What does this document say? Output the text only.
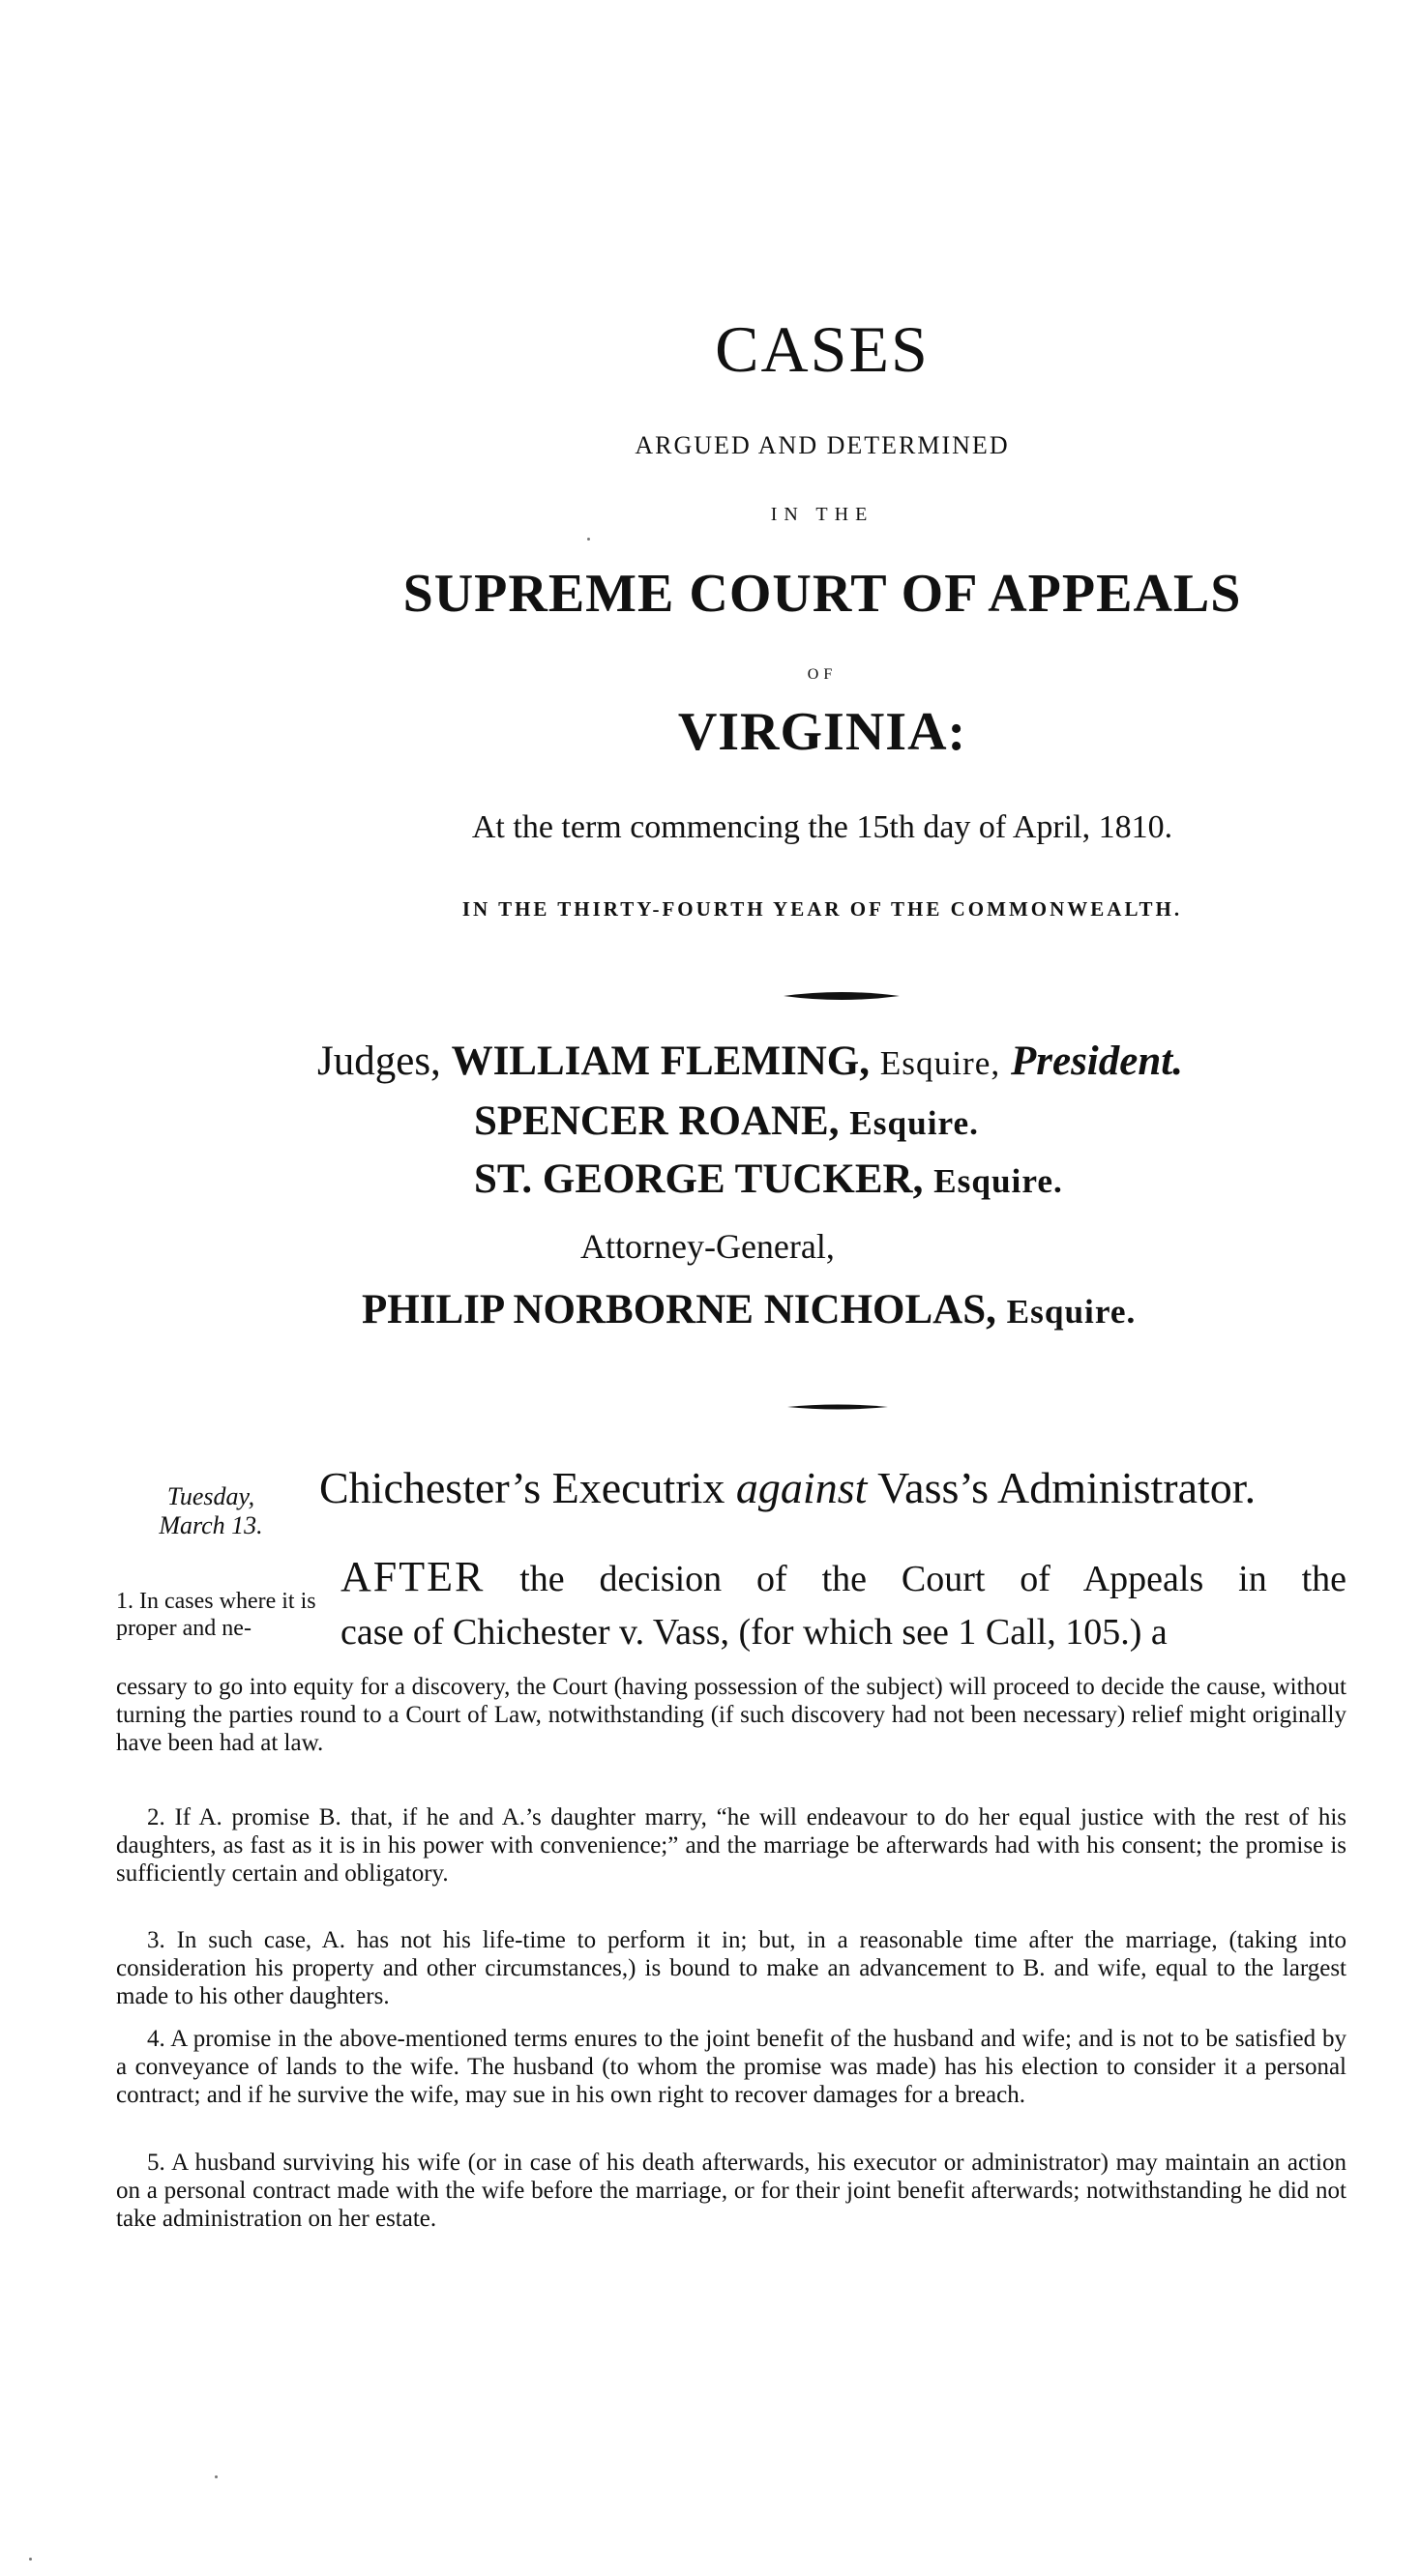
CASES
ARGUED AND DETERMINED
IN THE
SUPREME COURT OF APPEALS
OF
VIRGINIA:
At the term commencing the 15th day of April, 1810.
IN THE THIRTY-FOURTH YEAR OF THE COMMONWEALTH.
Judges, WILLIAM FLEMING, Esquire, President.
SPENCER ROANE, Esquire.
ST. GEORGE TUCKER, Esquire.
Attorney-General,
PHILIP NORBORNE NICHOLAS, Esquire.
Tuesday,
March 13.
Chichester’s Executrix against Vass’s Administrator.
1. In cases where it is proper and ne-
AFTER the decision of the Court of Appeals in the
case of Chichester v. Vass, (for which see 1 Call, 105.) a
cessary to go into equity for a discovery, the Court (having possession of the subject) will proceed to decide the cause, without turning the parties round to a Court of Law, notwithstanding (if such discovery had not been necessary) relief might originally have been had at law.
2. If A. promise B. that, if he and A.’s daughter marry, “he will endeavour to do her equal justice with the rest of his daughters, as fast as it is in his power with convenience;” and the marriage be afterwards had with his consent; the promise is sufficiently certain and obligatory.
3. In such case, A. has not his life-time to perform it in; but, in a reasonable time after the marriage, (taking into consideration his property and other circumstances,) is bound to make an advancement to B. and wife, equal to the largest made to his other daughters.
4. A promise in the above-mentioned terms enures to the joint benefit of the husband and wife; and is not to be satisfied by a conveyance of lands to the wife. The husband (to whom the promise was made) has his election to consider it a personal contract; and if he survive the wife, may sue in his own right to recover damages for a breach.
5. A husband surviving his wife (or in case of his death afterwards, his executor or administrator) may maintain an action on a personal contract made with the wife before the marriage, or for their joint benefit afterwards; notwithstanding he did not take administration on her estate.
